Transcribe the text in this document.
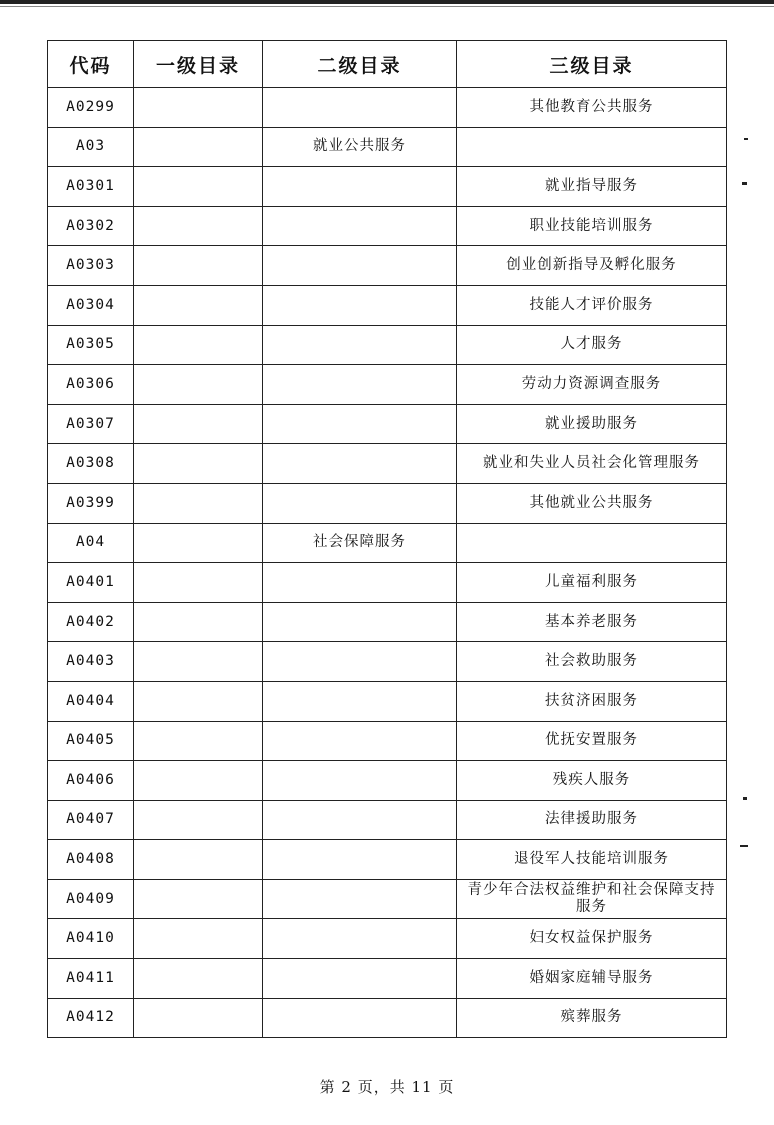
代码	一级目录	二级目录	三级目录
A0299			其他教育公共服务
A03		就业公共服务	
A0301			就业指导服务
A0302			职业技能培训服务
A0303			创业创新指导及孵化服务
A0304			技能人才评价服务
A0305			人才服务
A0306			劳动力资源调查服务
A0307			就业援助服务
A0308			就业和失业人员社会化管理服务
A0399			其他就业公共服务
A04		社会保障服务	
A0401			儿童福利服务
A0402			基本养老服务
A0403			社会救助服务
A0404			扶贫济困服务
A0405			优抚安置服务
A0406			残疾人服务
A0407			法律援助服务
A0408			退役军人技能培训服务
A0409			青少年合法权益维护和社会保障支持服务
A0410			妇女权益保护服务
A0411			婚姻家庭辅导服务
A0412			殡葬服务
第 2 页，共 11 页
